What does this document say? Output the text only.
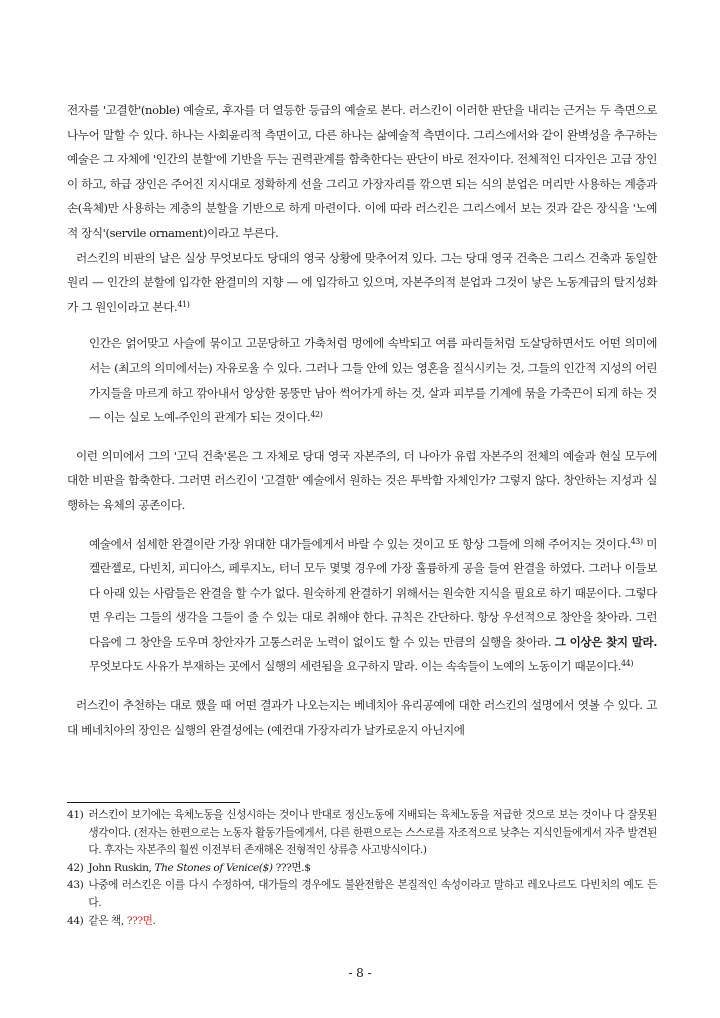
전자를 '고결한'(noble) 예술로, 후자를 더 열등한 등급의 예술로 본다. 러스킨이 이러한 판단을 내리는 근거는 두 측면으로 나누어 말할 수 있다. 하나는 사회윤리적 측면이고, 다른 하나는 삶예술적 측면이다. 그리스에서와 같이 완벽성을 추구하는 예술은 그 자체에 '인간의 분할'에 기반을 두는 권력관계를 함축한다는 판단이 바로 전자이다. 전체적인 디자인은 고급 장인이 하고, 하급 장인은 주어진 지시대로 정확하게 선을 그리고 가장자리를 깎으면 되는 식의 분업은 머리만 사용하는 계층과 손(육체)만 사용하는 계층의 분할을 기반으로 하게 마련이다. 이에 따라 러스킨은 그리스에서 보는 것과 같은 장식을 '노예적 장식'(servile ornament)이라고 부른다.

러스킨의 비판의 날은 실상 무엇보다도 당대의 영국 상황에 맞추어져 있다. 그는 당대 영국 건축은 그리스 건축과 동일한 원리 — 인간의 분할에 입각한 완결미의 지향 — 에 입각하고 있으며, 자본주의적 분업과 그것이 낳은 노동계급의 탈지성화가 그 원인이라고 본다.$^{41)}$

인간은 얽어맞고 사슬에 묶이고 고문당하고 가축처럼 멍에에 속박되고 여름 파리들처럼 도살당하면서도 어떤 의미에서는 (최고의 의미에서는) 자유로울 수 있다. 그러나 그들 안에 있는 영혼을 질식시키는 것, 그들의 인간적 지성의 어린 가지들을 마르게 하고 깎아내서 앙상한 몽뚱만 남아 썩어가게 하는 것, 살과 피부를 기계에 묶을 가죽끈이 되게 하는 것 — 이는 실로 노예-주인의 관계가 되는 것이다.$^{42)}$

이런 의미에서 그의 '고딕 건축'론은 그 자체로 당대 영국 자본주의, 더 나아가 유럽 자본주의 전체의 예술과 현실 모두에 대한 비판을 함축한다. 그러면 러스킨이 '고결한' 예술에서 원하는 것은 투박함 자체인가? 그렇지 않다. 창안하는 지성과 실행하는 육체의 공존이다.

예술에서 섬세한 완결이란 가장 위대한 대가들에게서 바랄 수 있는 것이고 또 항상 그들에 의해 주어지는 것이다.$^{43)}$ 미켈란젤로, 다빈치, 피디아스, 페루지노, 터너 모두 몇몇 경우에 가장 훌륭하게 공을 들여 완결을 하였다. 그러나 이들보다 아래 있는 사람들은 완결을 할 수가 없다. 원숙하게 완결하기 위해서는 원숙한 지식을 필요로 하기 때문이다. 그렇다면 우리는 그들의 생각을 그들이 줄 수 있는 대로 취해야 한다. 규칙은 간단하다. 항상 우선적으로 창안을 찾아라. 그런 다음에 그 창안을 도우며 창안자가 고통스러운 노력이 없이도 할 수 있는 만큼의 실행을 찾아라. 그 이상은 찾지 말라. 무엇보다도 사유가 부재하는 곳에서 실행의 세련됨을 요구하지 말라. 이는 속속들이 노예의 노동이기 때문이다.$^{44)}$

러스킨이 추천하는 대로 했을 때 어떤 결과가 나오는지는 베네치아 유리공예에 대한 러스킨의 설명에서 엿볼 수 있다. 고대 베네치아의 장인은 실행의 완결성에는 (예컨대 가장자리가 날카로운지 아닌지에

41) 러스킨이 보기에는 육체노동을 신성시하는 것이나 반대로 정신노동에 지배되는 육체노동을 저급한 것으로 보는 것이나 다 잘못된 생각이다. (전자는 한편으로는 노동자 활동가들에게서, 다른 한편으로는 스스로를 자조적으로 낮추는 지식인들에게서 자주 발견된다. 후자는 자본주의 훨씬 이전부터 존재해온 전형적인 상류층 사고방식이다.)
42) John Ruskin, The Stones of Venice($) ???면.$
43) 나중에 러스킨은 이를 다시 수정하여, 대가들의 경우에도 불완전함은 본질적인 속성이라고 말하고 레오나르도 다빈치의 예도 든다.
44) 같은 책, ???면.
- 8 -
